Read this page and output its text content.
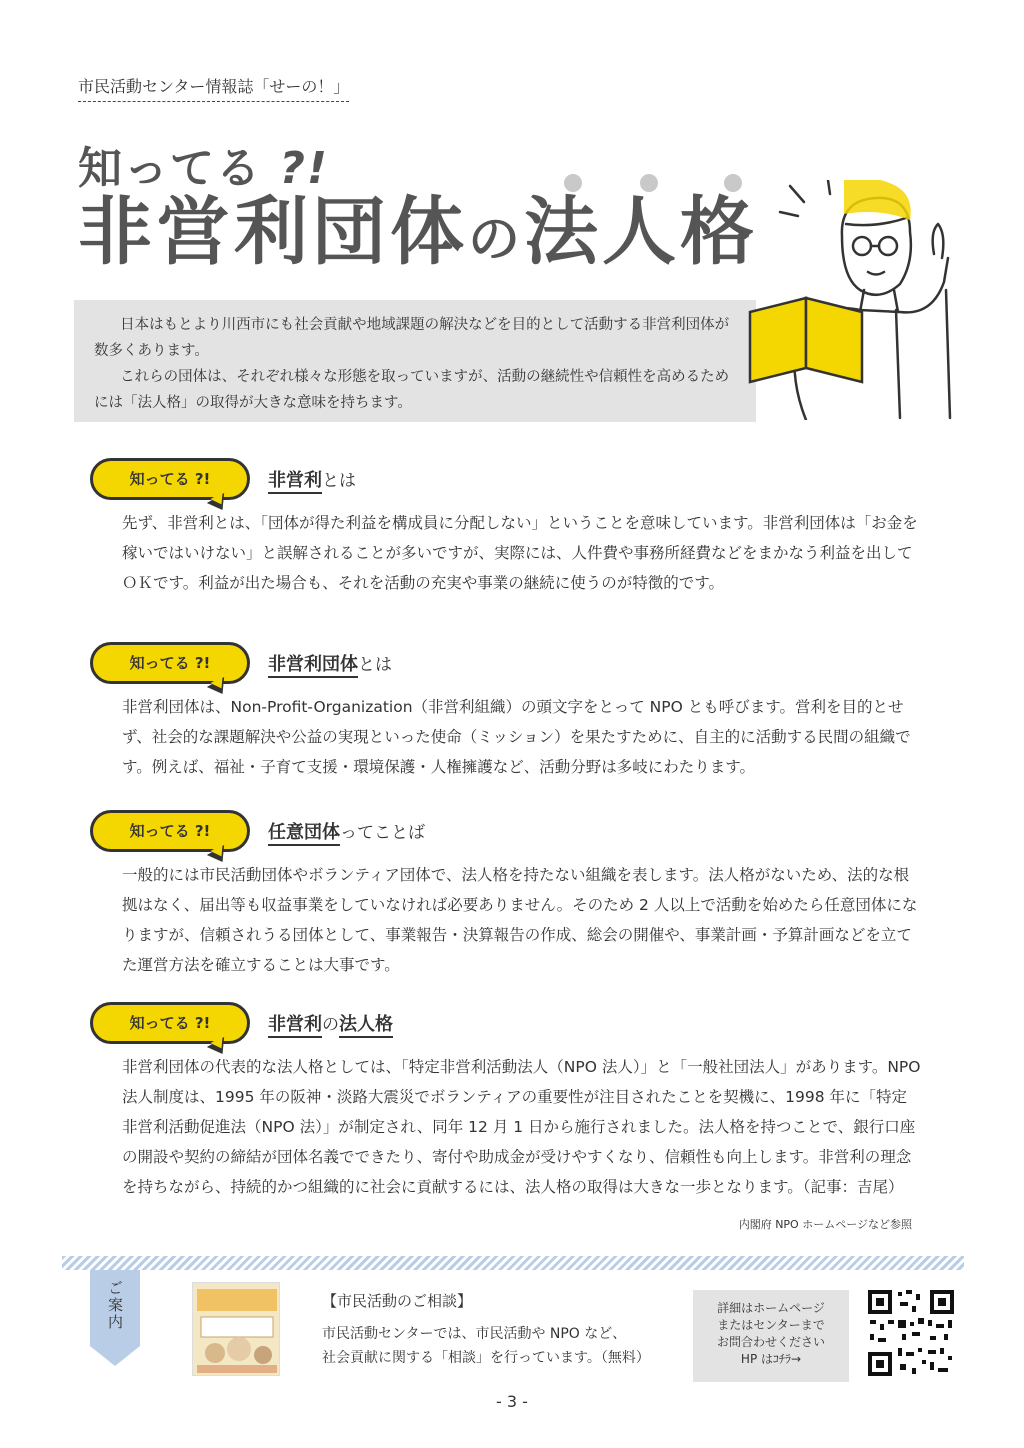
市民活動センター情報誌「せーの！」
知ってる ?!
非営利団体の法人格

日本はもとより川西市にも社会貢献や地域課題の解決などを目的として活動する非営利団体が数多くあります。

これらの団体は、それぞれ様々な形態を取っていますが、活動の継続性や信頼性を高めるためには「法人格」の取得が大きな意味を持ちます。

知ってる ?!	非営利とは
先ず、非営利とは、「団体が得た利益を構成員に分配しない」ということを意味しています。非営利団体は「お金を稼いではいけない」と誤解されることが多いですが、実際には、人件費や事務所経費などをまかなう利益を出してＯＫです。利益が出た場合も、それを活動の充実や事業の継続に使うのが特徴的です。
知ってる ?!	非営利団体とは
非営利団体は、Non-Profit-Organization（非営利組織）の頭文字をとって NPO とも呼びます。営利を目的とせず、社会的な課題解決や公益の実現といった使命（ミッション）を果たすために、自主的に活動する民間の組織です。例えば、福祉・子育て支援・環境保護・人権擁護など、活動分野は多岐にわたります。
知ってる ?!	任意団体ってことば
一般的には市民活動団体やボランティア団体で、法人格を持たない組織を表します。法人格がないため、法的な根拠はなく、届出等も収益事業をしていなければ必要ありません。そのため 2 人以上で活動を始めたら任意団体になりますが、信頼されうる団体として、事業報告・決算報告の作成、総会の開催や、事業計画・予算計画などを立てた運営方法を確立することは大事です。
知ってる ?!	非営利の法人格
非営利団体の代表的な法人格としては、「特定非営利活動法人（NPO 法人）」と「一般社団法人」があります。NPO 法人制度は、1995 年の阪神・淡路大震災でボランティアの重要性が注目されたことを契機に、1998 年に「特定非営利活動促進法（NPO 法）」が制定され、同年 12 月 1 日から施行されました。法人格を持つことで、銀行口座の開設や契約の締結が団体名義でできたり、寄付や助成金が受けやすくなり、信頼性も向上します。非営利の理念を持ちながら、持続的かつ組織的に社会に貢献するには、法人格の取得は大きな一歩となります。（記事：吉尾）
内閣府 NPO ホームページなど参照
ご案内	【市民活動のご相談】
市民活動センターでは、市民活動や NPO など、
社会貢献に関する「相談」を行っています。（無料）
詳細はホームページ
またはセンターまで
お問合わせください
HP はｺﾁﾗ→
- 3 -
